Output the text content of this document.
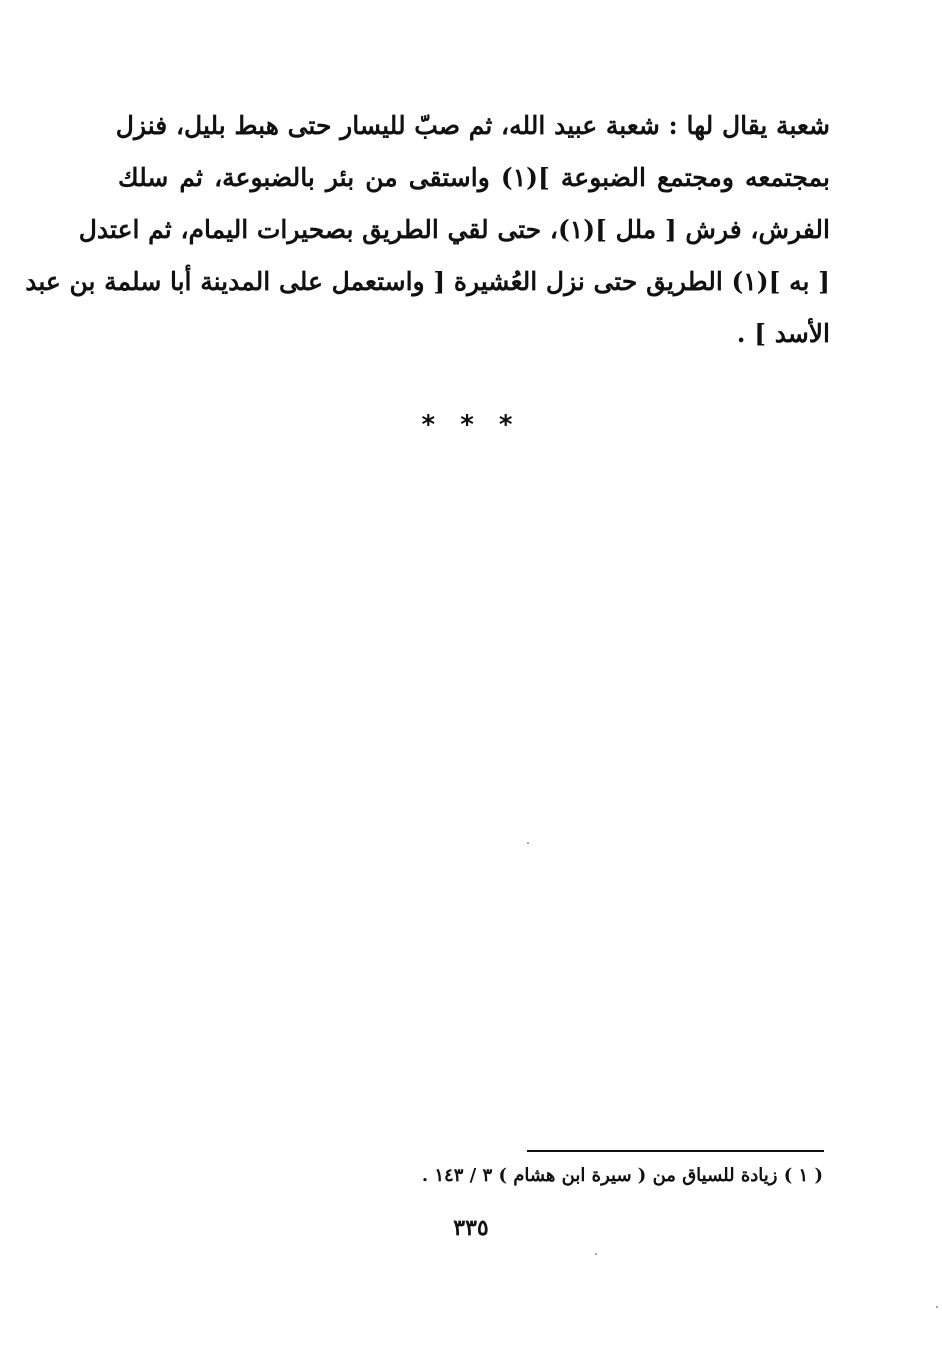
شعبة يقال لها : شعبة عبيد الله، ثم صبّ لليسار حتى هبط بليل، فنزل
بمجتمعه ومجتمع الضبوعة ](١) واستقى من بئر بالضبوعة، ثم سلك
الفرش، فرش [ ملل ](١)، حتى لقي الطريق بصحيرات اليمام، ثم اعتدل
[ به ](١) الطريق حتى نزل العُشيرة [ واستعمل على المدينة أبا سلمة بن عبد
الأسد ] .
* * *
( ١ ) زيادة للسياق من ( سيرة ابن هشام ) ٣ / ١٤٣ .
٣٣٥
